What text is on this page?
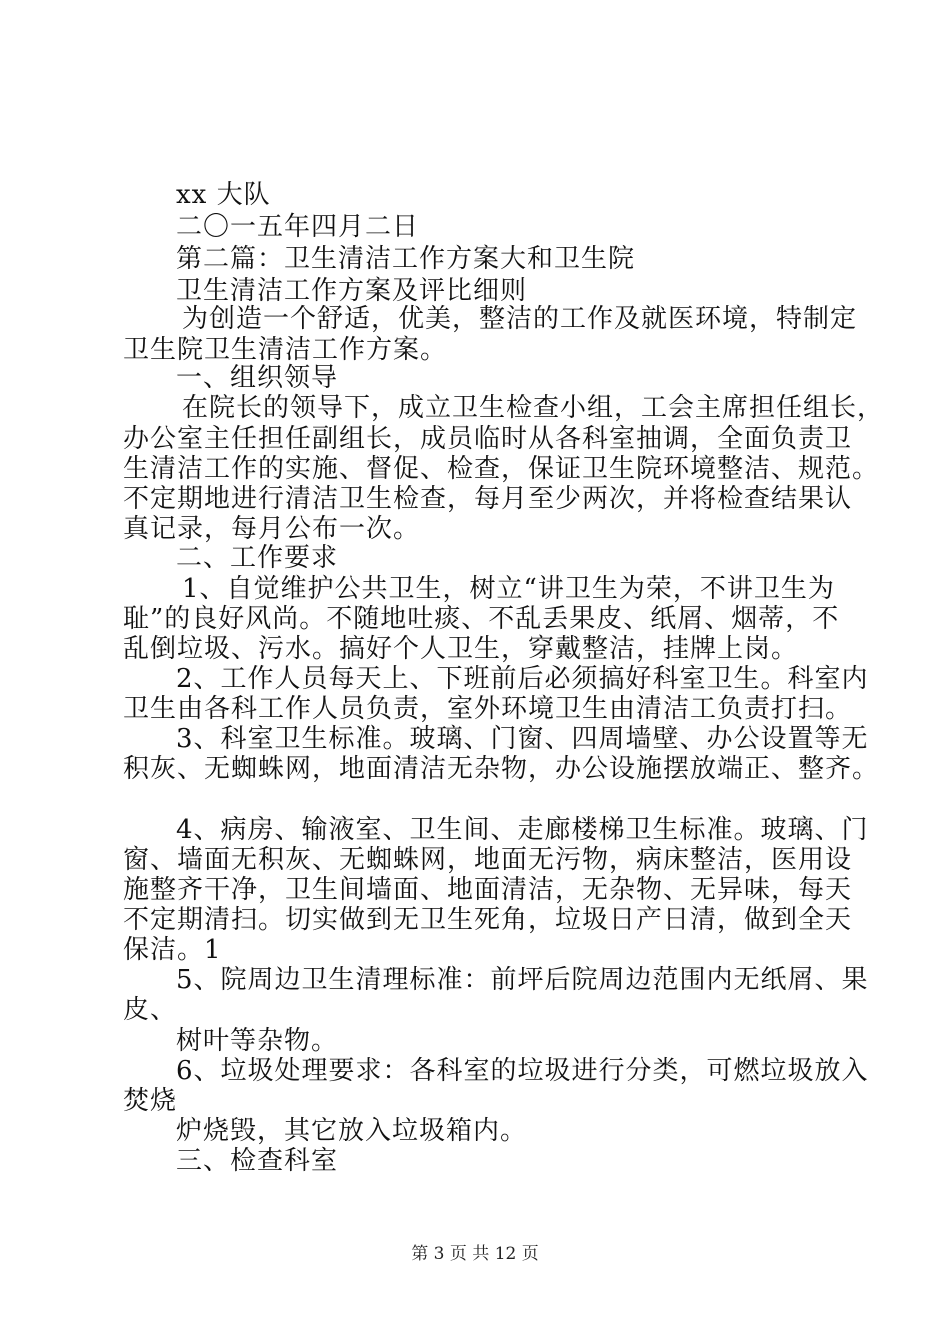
xx 大队
二〇一五年四月二日
第二篇：卫生清洁工作方案大和卫生院
卫生清洁工作方案及评比细则
为创造一个舒适，优美，整洁的工作及就医环境，特制定
卫生院卫生清洁工作方案。
一、组织领导
在院长的领导下，成立卫生检查小组，工会主席担任组长，
办公室主任担任副组长，成员临时从各科室抽调，全面负责卫
生清洁工作的实施、督促、检查，保证卫生院环境整洁、规范。
不定期地进行清洁卫生检查，每月至少两次，并将检查结果认
真记录，每月公布一次。
二、工作要求
1、自觉维护公共卫生，树立“讲卫生为荣，不讲卫生为
耻”的良好风尚。不随地吐痰、不乱丢果皮、纸屑、烟蒂，不
乱倒垃圾、污水。搞好个人卫生，穿戴整洁，挂牌上岗。
2、工作人员每天上、下班前后必须搞好科室卫生。科室内
卫生由各科工作人员负责，室外环境卫生由清洁工负责打扫。
3、科室卫生标准。玻璃、门窗、四周墙壁、办公设置等无
积灰、无蜘蛛网，地面清洁无杂物，办公设施摆放端正、整齐。
4、病房、输液室、卫生间、走廊楼梯卫生标准。玻璃、门
窗、墙面无积灰、无蜘蛛网，地面无污物，病床整洁，医用设
施整齐干净，卫生间墙面、地面清洁，无杂物、无异味，每天
不定期清扫。切实做到无卫生死角，垃圾日产日清，做到全天
保洁。1
5、院周边卫生清理标准：前坪后院周边范围内无纸屑、果
皮、
树叶等杂物。
6、垃圾处理要求：各科室的垃圾进行分类，可燃垃圾放入
焚烧
炉烧毁，其它放入垃圾箱内。
三、检查科室
第 3 页 共 12 页
